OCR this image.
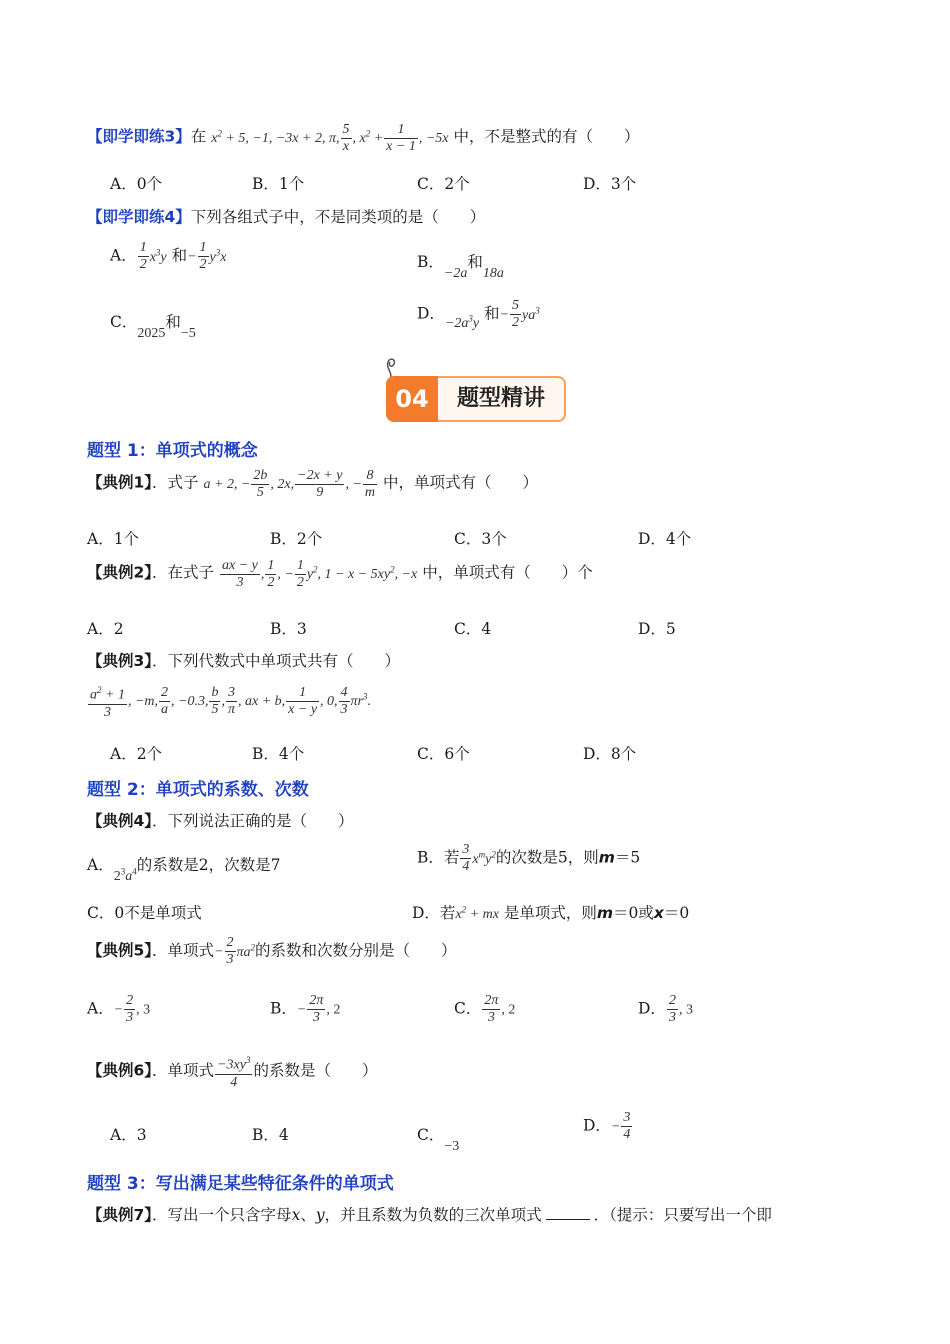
【即学即练3】在 $x^2 + 5$, −1, −3x + 2, π, $\frac{5}{x}$ , $x^2 + \frac{1}{x - 1}$ , −5x 中，不是整式的有（　　）
A．0个	B．1个	C．2个	D．3个
【即学即练4】下列各组式子中，不是同类项的是（　　）
A． $\frac{1}{2} x^3y$ 和− $\frac{1}{2} y^3x$	B．−2a和18a
C．2025和−5
D．$-2a^3y$ 和− $\frac{5}{2} ya^3$
04	题型精讲
题型 1：单项式的概念
【典例1】．式子 a + 2, − $\frac{2b}{5}$ , 2x, $\frac{-2x + y}{9}$ , − $\frac{8}{m}$ 中，单项式有（　　）
A．1个	B．2个	C．3个	D．4个
【典例2】．在式子 $\frac{ax - y}{3}$ , $\frac{1}{2}$ , − $\frac{1}{2} y^2$, $1 - x - 5xy^2$, −x 中，单项式有（　　）个
A．2	B．3	C．4	D．5
【典例3】．下列代数式中单项式共有（　　）
$\frac{a^2 + 1}{3}$ , −m, $\frac{2}{a}$ , −0.3, $\frac{b}{5}$ , $\frac{3}{\pi}$ , ax + b, $\frac{1}{x - y}$ , 0, $\frac{4}{3} \pi r^3$.
A．2个	B．4个	C．6个	D．8个
题型 2：单项式的系数、次数
【典例4】．下列说法正确的是（　　）
A．$2^3a^4$的系数是2，次数是7	B．若 $\frac{3}{4} x^my^2$的次数是5，则m＝5
C．0不是单项式	D．若$x^2$ + mx 是单项式，则m＝0或x＝0
【典例5】．单项式− $\frac{2}{3} \pi a^2$的系数和次数分别是（　　）
A．− $\frac{2}{3}$ , 3	B．− $\frac{2\pi}{3}$ , 2	C． $\frac{2\pi}{3}$ , 2	D． $\frac{2}{3}$ , 3
【典例6】．单项式 $\frac{-3xy^3}{4}$ 的系数是（　　）
A．3	B．4	C．−3
D．− $\frac{3}{4}$
题型 3：写出满足某些特征条件的单项式
【典例7】．写出一个只含字母x、y，并且系数为负数的三次单项式	．（提示：只要写出一个即
